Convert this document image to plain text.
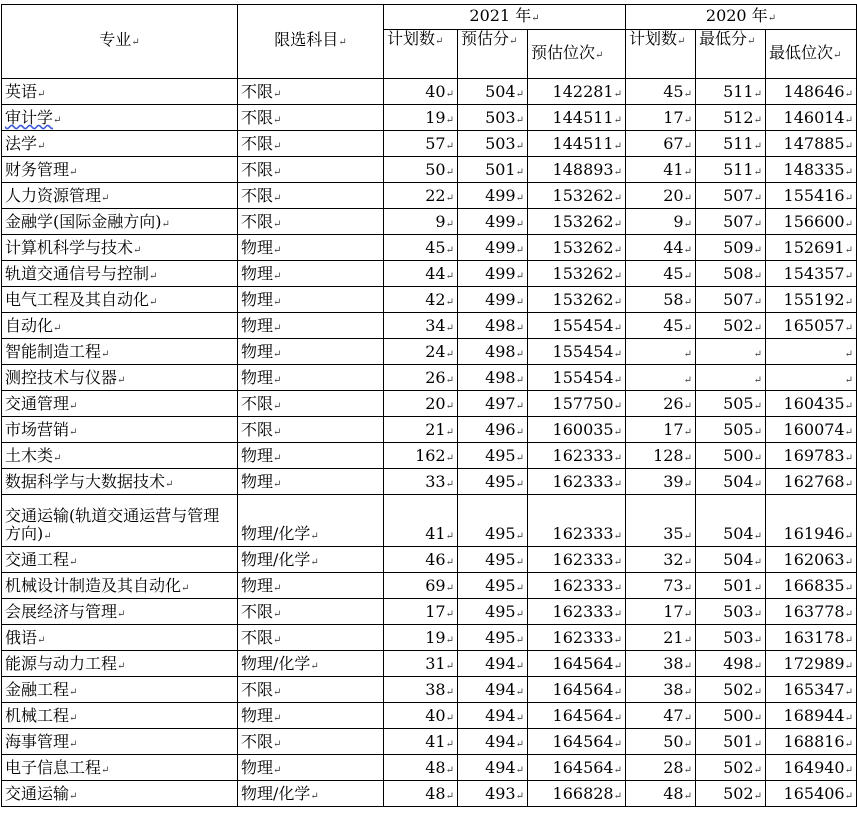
专业↵	限选科目↵	2021 年↵			2020 年↵		
		计划数↵	预估分↵	预估位次↵	计划数↵	最低分↵	最低位次↵
英语↵	不限↵	40↵	504↵	142281↵	45↵	511↵	148646↵
审计学↵	不限↵	19↵	503↵	144511↵	17↵	512↵	146014↵
法学↵	不限↵	57↵	503↵	144511↵	67↵	511↵	147885↵
财务管理↵	不限↵	50↵	501↵	148893↵	41↵	511↵	148335↵
人力资源管理↵	不限↵	22↵	499↵	153262↵	20↵	507↵	155416↵
金融学(国际金融方向)↵	不限↵	9↵	499↵	153262↵	9↵	507↵	156600↵
计算机科学与技术↵	物理↵	45↵	499↵	153262↵	44↵	509↵	152691↵
轨道交通信号与控制↵	物理↵	44↵	499↵	153262↵	45↵	508↵	154357↵
电气工程及其自动化↵	物理↵	42↵	499↵	153262↵	58↵	507↵	155192↵
自动化↵	物理↵	34↵	498↵	155454↵	45↵	502↵	165057↵
智能制造工程↵	物理↵	24↵	498↵	155454↵	↵	↵	↵
测控技术与仪器↵	物理↵	26↵	498↵	155454↵	↵	↵	↵
交通管理↵	不限↵	20↵	497↵	157750↵	26↵	505↵	160435↵
市场营销↵	不限↵	21↵	496↵	160035↵	17↵	505↵	160074↵
土木类↵	物理↵	162↵	495↵	162333↵	128↵	500↵	169783↵
数据科学与大数据技术↵	物理↵	33↵	495↵	162333↵	39↵	504↵	162768↵
交通运输(轨道交通运营与管理方向)↵	物理/化学↵	41↵	495↵	162333↵	35↵	504↵	161946↵
交通工程↵	物理/化学↵	46↵	495↵	162333↵	32↵	504↵	162063↵
机械设计制造及其自动化↵	物理↵	69↵	495↵	162333↵	73↵	501↵	166835↵
会展经济与管理↵	不限↵	17↵	495↵	162333↵	17↵	503↵	163778↵
俄语↵	不限↵	19↵	495↵	162333↵	21↵	503↵	163178↵
能源与动力工程↵	物理/化学↵	31↵	494↵	164564↵	38↵	498↵	172989↵
金融工程↵	不限↵	38↵	494↵	164564↵	38↵	502↵	165347↵
机械工程↵	物理↵	40↵	494↵	164564↵	47↵	500↵	168944↵
海事管理↵	不限↵	41↵	494↵	164564↵	50↵	501↵	168816↵
电子信息工程↵	物理↵	48↵	494↵	164564↵	28↵	502↵	164940↵
交通运输↵	物理/化学↵	48↵	493↵	166828↵	48↵	502↵	165406↵
